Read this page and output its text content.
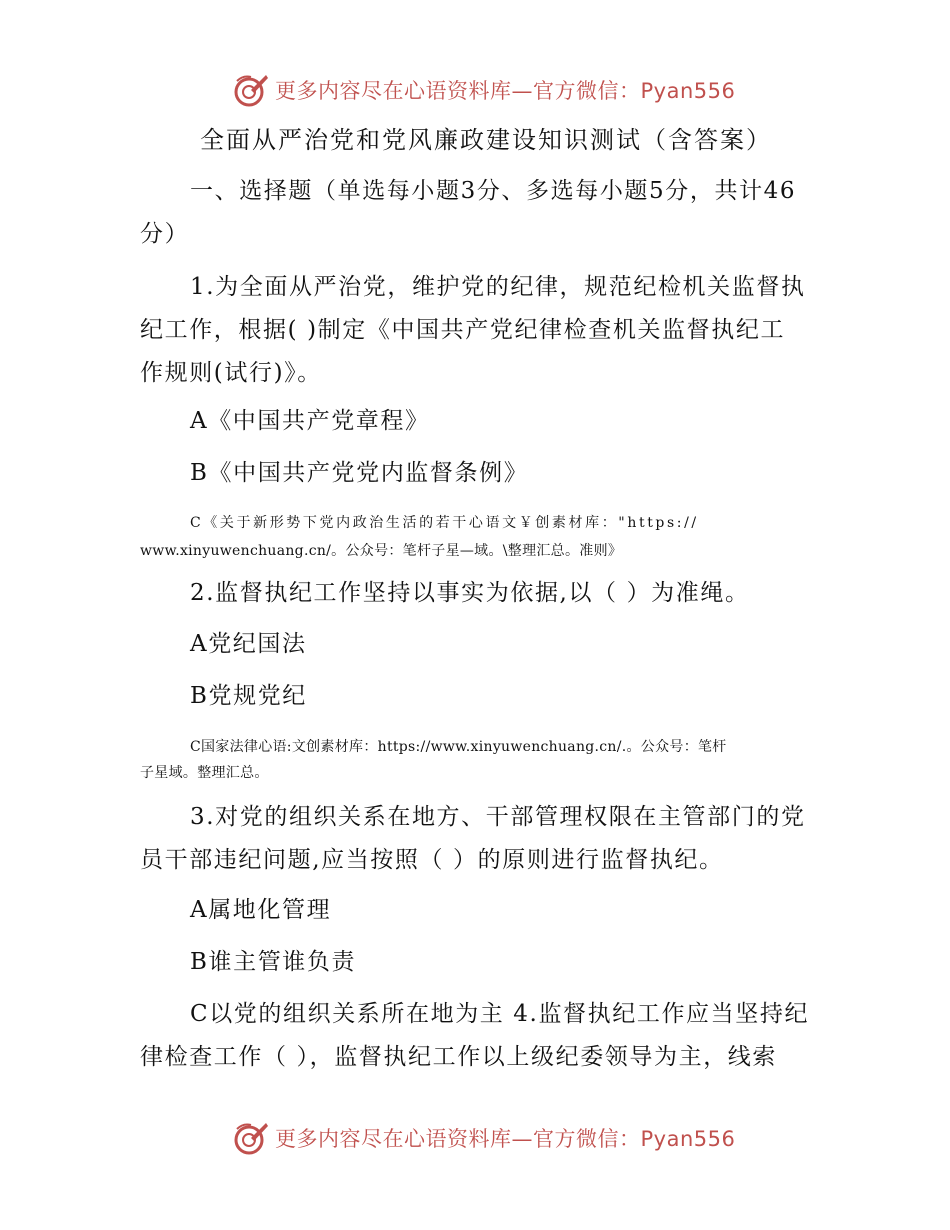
更多内容尽在心语资料库—官方微信：Pyan556
全面从严治党和党风廉政建设知识测试（含答案）
一、选择题（单选每小题3分、多选每小题5分，共计46
分）
1.为全面从严治党，维护党的纪律，规范纪检机关监督执
纪工作，根据( )制定《中国共产党纪律检查机关监督执纪工
作规则(试行)》。
A《中国共产党章程》
B《中国共产党党内监督条例》
C《关于新形势下党内政治生活的若干心语文￥创素材库："https://
www.xinyuwenchuang.cn/。公众号：笔杆子星—域。\整理汇总。准则》
2.监督执纪工作坚持以事实为依据,以（ ）为准绳。
A党纪国法
B党规党纪
C国家法律心语:文创素材库：https://www.xinyuwenchuang.cn/.。公众号：笔杆
子星域。整理汇总。
3.对党的组织关系在地方、干部管理权限在主管部门的党
员干部违纪问题,应当按照（ ）的原则进行监督执纪。
A属地化管理
B谁主管谁负责
C以党的组织关系所在地为主 4.监督执纪工作应当坚持纪
律检查工作（ ），监督执纪工作以上级纪委领导为主，线索
更多内容尽在心语资料库—官方微信：Pyan556
